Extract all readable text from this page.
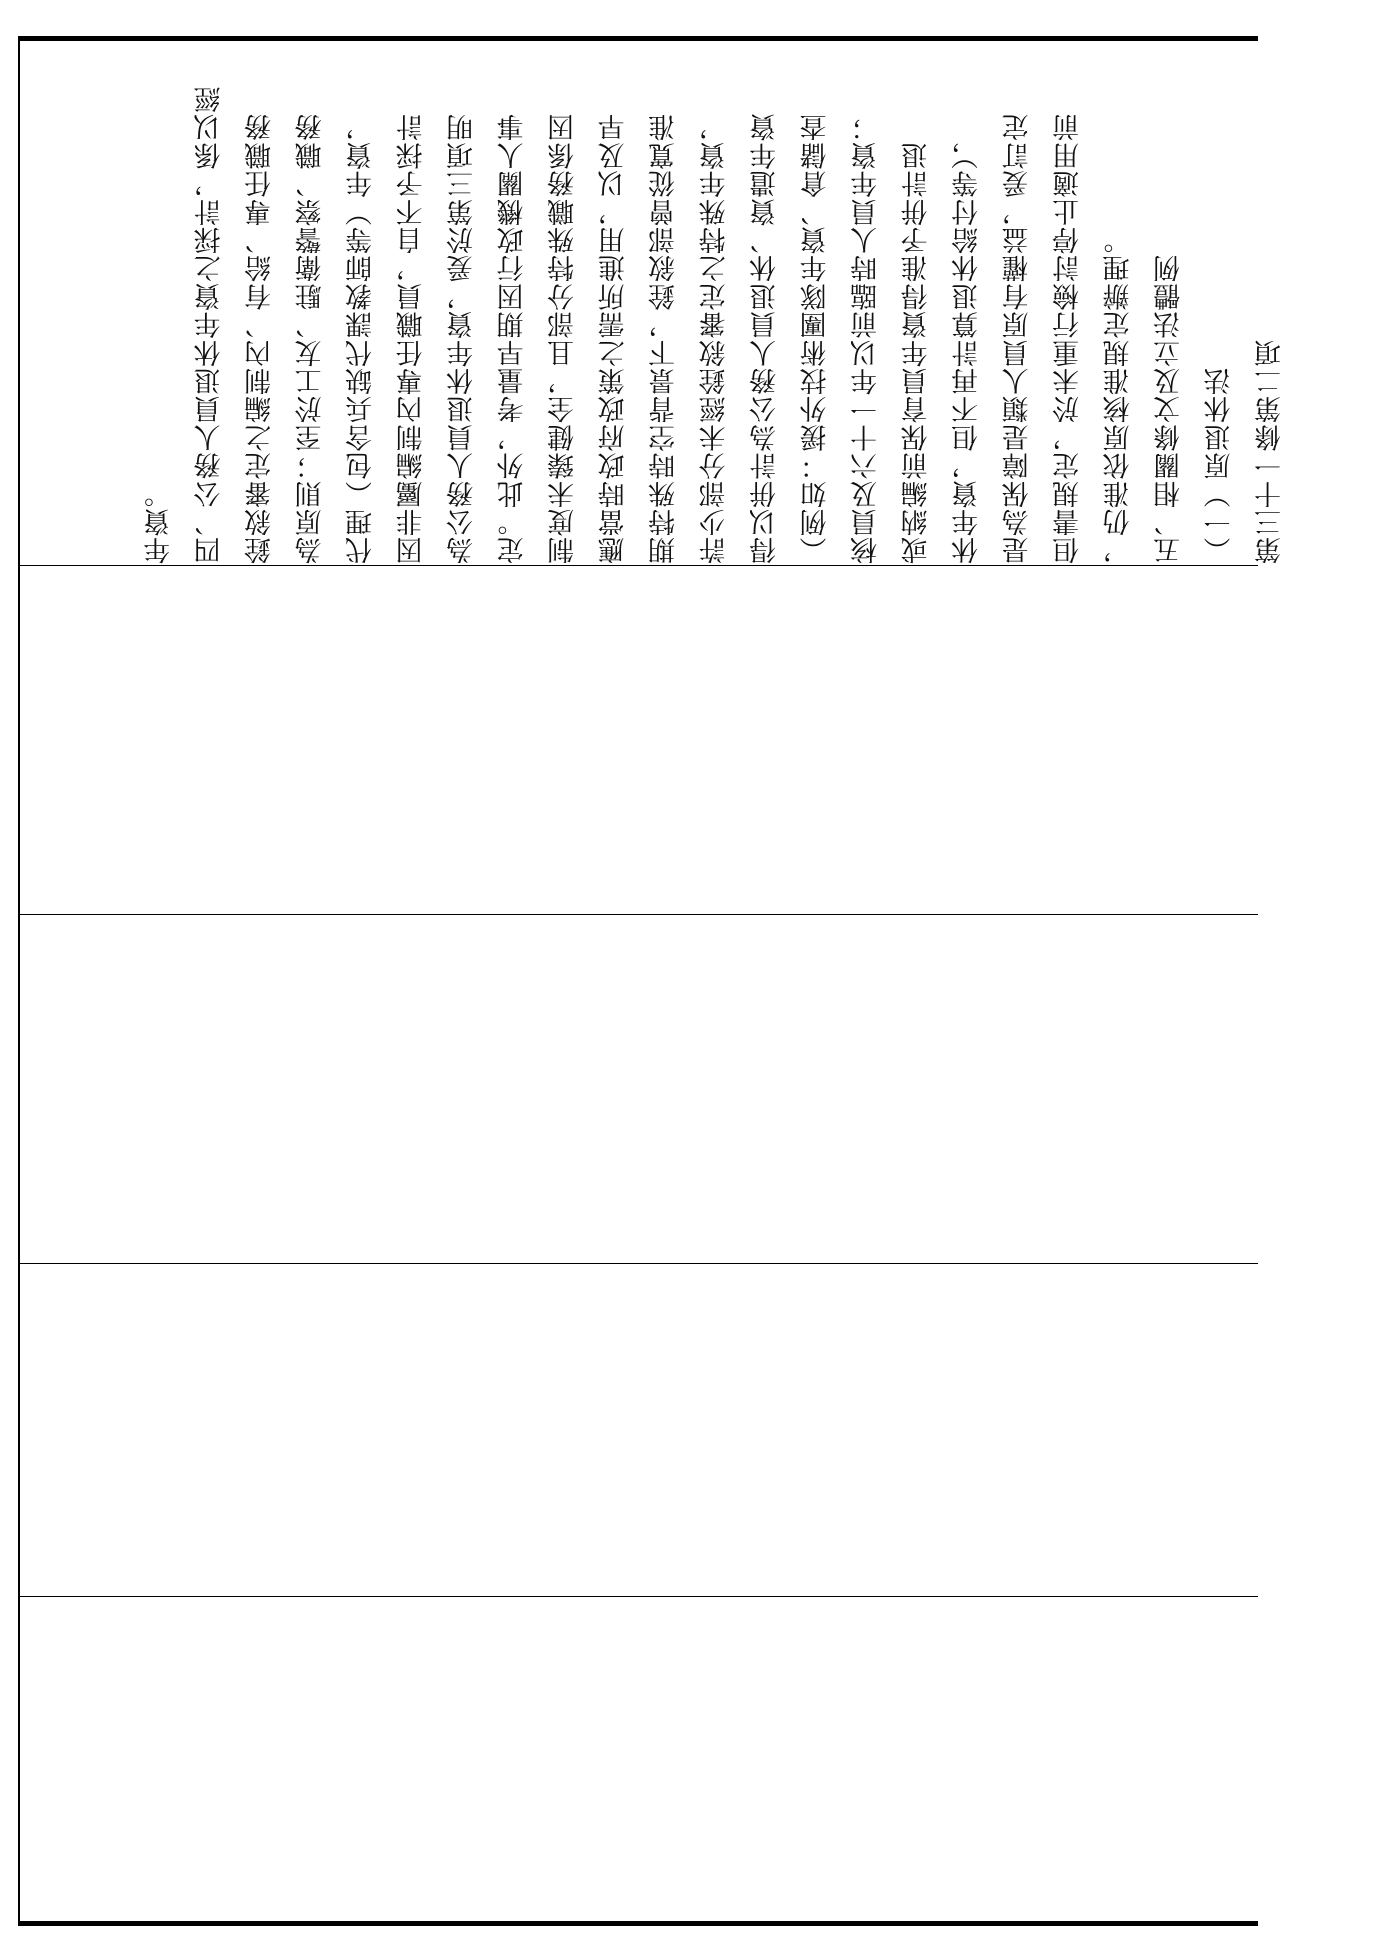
年資。 四、公務人員退休年資之採計，係以經 銓敘審定之編制內、有給、專任職務 為原則；至於工友、駐衛警察、職務 代理（包含兵缺代課教師等）年資， 因非屬編制內專任職員，自不予採計 為公務人員退休年資，爰於第三項明 定。此外，考量早期因行政機關人事 制度未臻健全，且部分特殊職務係因 應當時政府政策之需所進用，以及早 期特殊時空背景下，銓敘部曾從寬准 許少部分未經銓敘審定之特殊年資， 得以併計為公務人員退休、資遣年資 （例如：援外技術團隊年資、倉儲查 核員及六十一年以前臨時人員年資； 或納編前保育員年資得准予併計退 休年資，但不再計算退休給付等）， 是為保障是類人員原有權益，爰訂定 但書規定，於未重行檢討停止適用前 ，仍准依原核准規定辦理。 五、相關條文及立法體例 （一）原退休法 第三十一條第二項
